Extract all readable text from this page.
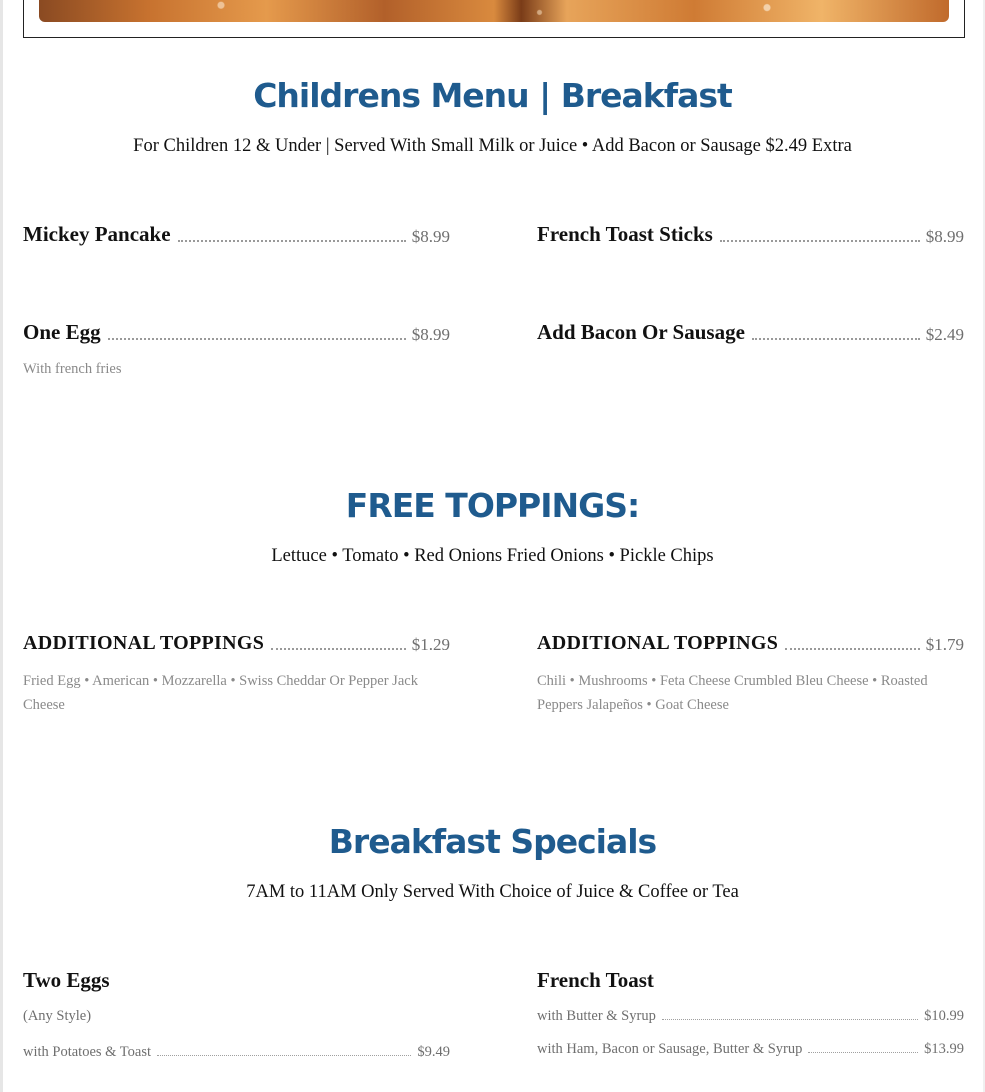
Childrens Menu | Breakfast

For Children 12 & Under | Served With Small Milk or Juice • Add Bacon or Sausage $2.49 Extra

Mickey Pancake	$8.99	French Toast Sticks	$8.99
One Egg	$8.99
With french fries
Add Bacon Or Sausage	$2.49
FREE TOPPINGS:

Lettuce • Tomato • Red Onions Fried Onions • Pickle Chips

ADDITIONAL TOPPINGS	$1.29
Fried Egg • American • Mozzarella • Swiss Cheddar Or Pepper Jack Cheese
ADDITIONAL TOPPINGS	$1.79
Chili • Mushrooms • Feta Cheese Crumbled Bleu Cheese • Roasted Peppers Jalapeños • Goat Cheese
Breakfast Specials

7AM to 11AM Only Served With Choice of Juice & Coffee or Tea

Two Eggs
(Any Style)
with Potatoes & Toast	$9.49
French Toast
with Butter & Syrup	$10.99
with Ham, Bacon or Sausage, Butter & Syrup	$13.99
